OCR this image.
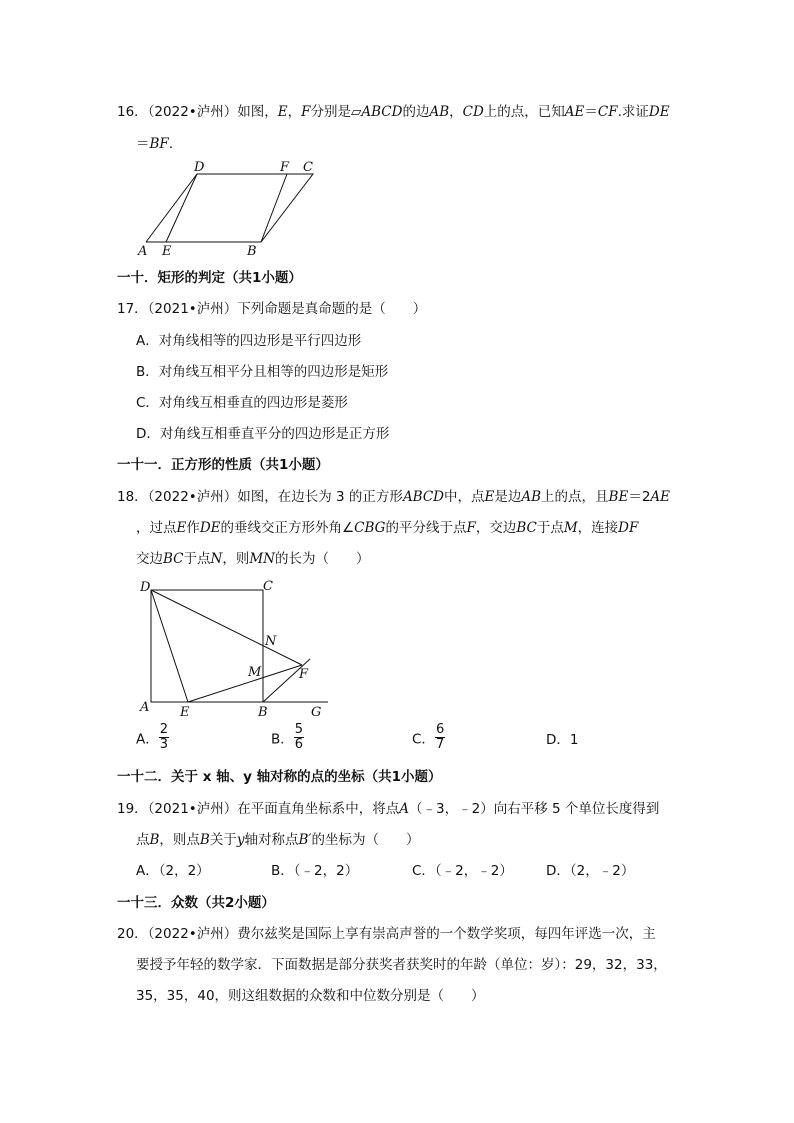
16．（2022•泸州）如图，E，F分别是▱ABCD的边AB，CD上的点，已知AE＝CF.求证DE
＝BF.
D	F C
A E	B
一十．矩形的判定（共1小题）
17．（2021•泸州）下列命题是真命题的是（　　）
A．对角线相等的四边形是平行四边形
B．对角线互相平分且相等的四边形是矩形
C．对角线互相垂直的四边形是菱形
D．对角线互相垂直平分的四边形是正方形
一十一．正方形的性质（共1小题）
18．（2022•泸州）如图，在边长为 3 的正方形ABCD中，点E是边AB上的点，且BE＝2AE
，过点E作DE的垂线交正方形外角∠CBG的平分线于点F，交边BC于点M，连接DF
交边BC于点N，则MN的长为（　　）
D	C
N
M	F
A E	B	G
A． $\frac{2}{3}$	B． $\frac{5}{6}$	C． $\frac{6}{7}$	D．1
一十二．关于 x 轴、y 轴对称的点的坐标（共1小题）
19．（2021•泸州）在平面直角坐标系中，将点A（﹣3，﹣2）向右平移 5 个单位长度得到
点B，则点B关于y轴对称点B′的坐标为（　　）
A．（2，2）	B．（﹣2，2）	C．（﹣2，﹣2） D．（2，﹣2）
一十三．众数（共2小题）
20．（2022•泸州）费尔兹奖是国际上享有崇高声誉的一个数学奖项，每四年评选一次，主
要授予年轻的数学家．下面数据是部分获奖者获奖时的年龄（单位：岁）：29，32，33，
35，35，40，则这组数据的众数和中位数分别是（　　）
